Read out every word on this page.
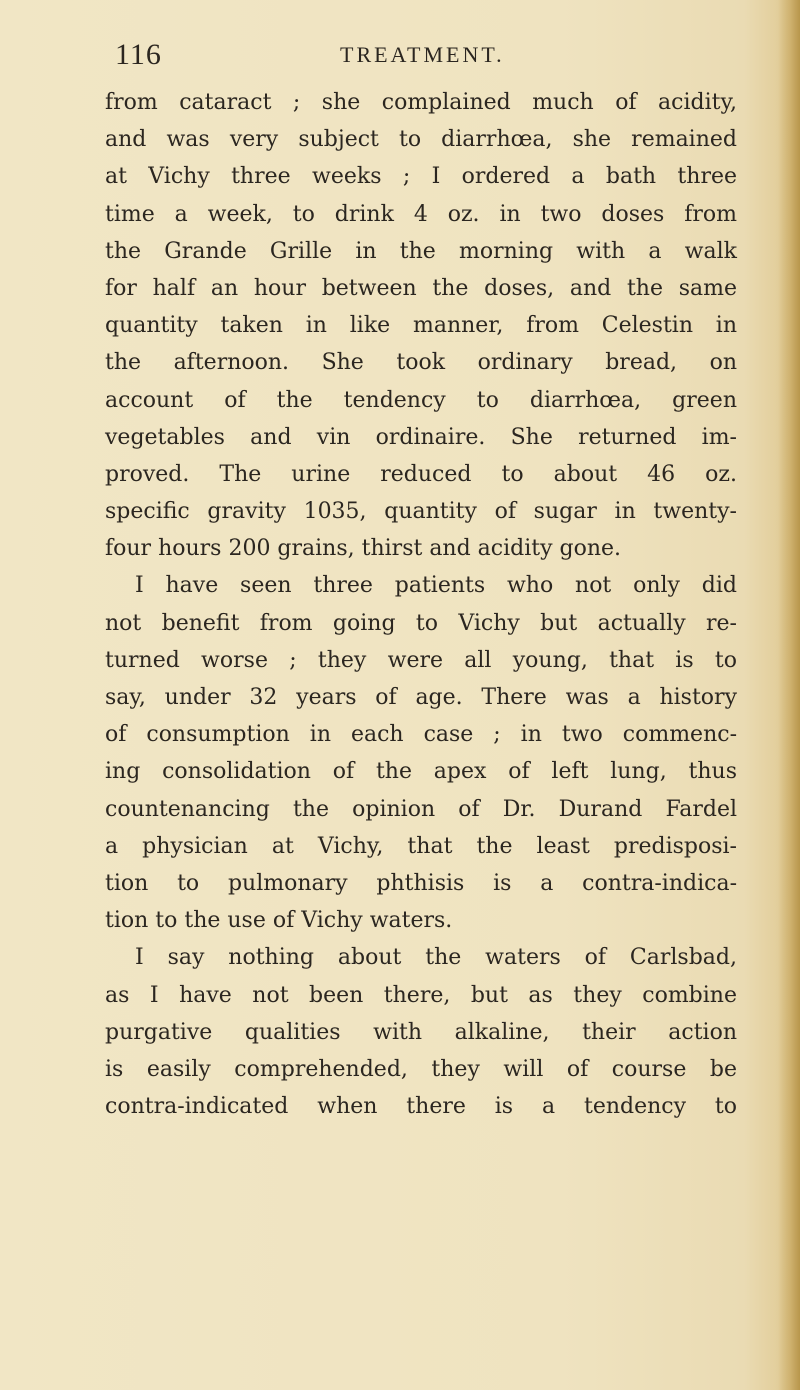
116	TREATMENT.
from cataract ; she complained much of acidity,
and was very subject to diarrhœa, she remained
at Vichy three weeks ; I ordered a bath three
time a week, to drink 4 oz. in two doses from
the Grande Grille in the morning with a walk
for half an hour between the doses, and the same
quantity taken in like manner, from Celestin in
the afternoon. She took ordinary bread, on
account of the tendency to diarrhœa, green
vegetables and vin ordinaire. She returned im-
proved. The urine reduced to about 46 oz.
specific gravity 1035, quantity of sugar in twenty-
four hours 200 grains, thirst and acidity gone.
I have seen three patients who not only did
not benefit from going to Vichy but actually re-
turned worse ; they were all young, that is to
say, under 32 years of age. There was a history
of consumption in each case ; in two commenc-
ing consolidation of the apex of left lung, thus
countenancing the opinion of Dr. Durand Fardel
a physician at Vichy, that the least predisposi-
tion to pulmonary phthisis is a contra-indica-
tion to the use of Vichy waters.
I say nothing about the waters of Carlsbad,
as I have not been there, but as they combine
purgative qualities with alkaline, their action
is easily comprehended, they will of course be
contra-indicated when there is a tendency to
